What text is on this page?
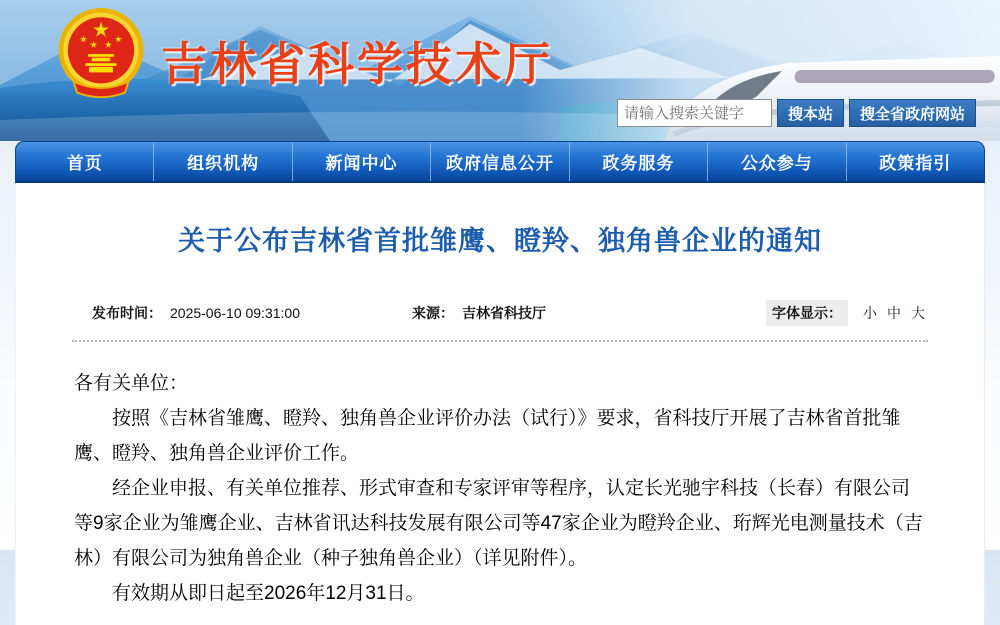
吉林省科学技术厅
请输入搜索关键字
搜本站	搜全省政府网站
首页	组织机构	新闻中心	政府信息公开	政务服务	公众参与	政策指引
关于公布吉林省首批雏鹰、瞪羚、独角兽企业的通知
发布时间： 2025-06-10 09:31:00	来源： 吉林省科技厅	字体显示：	小 中 大

各有关单位：

按照《吉林省雏鹰、瞪羚、独角兽企业评价办法（试行）》要求，省科技厅开展了吉林省首批雏鹰、瞪羚、独角兽企业评价工作。

经企业申报、有关单位推荐、形式审查和专家评审等程序，认定长光驰宇科技（长春）有限公司等9家企业为雏鹰企业、吉林省讯达科技发展有限公司等47家企业为瞪羚企业、珩辉光电测量技术（吉林）有限公司为独角兽企业（种子独角兽企业）（详见附件）。

有效期从即日起至2026年12月31日。
